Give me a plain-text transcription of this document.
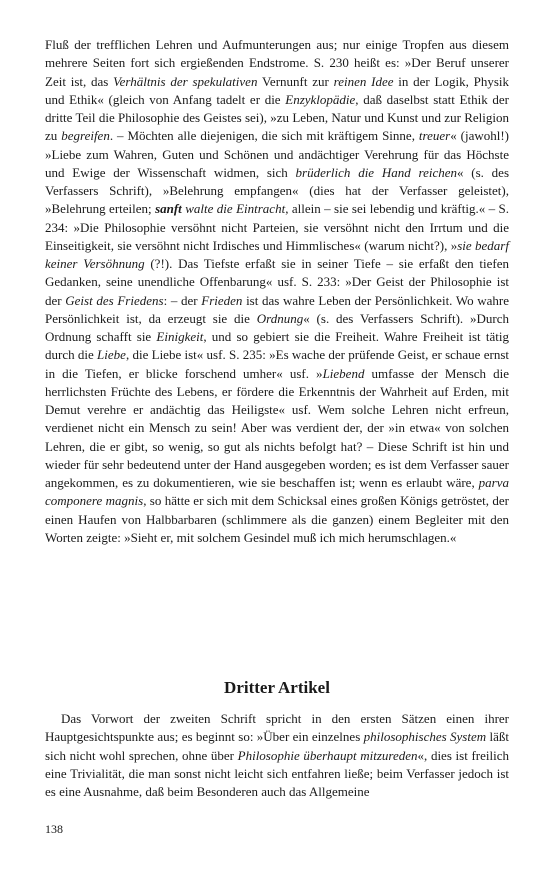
Fluß der trefflichen Lehren und Aufmunterungen aus; nur einige Tropfen aus diesem mehrere Seiten fort sich ergießenden Endstrome. S. 230 heißt es: »Der Beruf unserer Zeit ist, das Verhältnis der spekulativen Vernunft zur reinen Idee in der Logik, Physik und Ethik« (gleich von Anfang tadelt er die Enzyklopädie, daß daselbst statt Ethik der dritte Teil die Philosophie des Geistes sei), »zu Leben, Natur und Kunst und zur Religion zu begreifen. – Möchten alle diejenigen, die sich mit kräftigem Sinne, treuer« (jawohl!) »Liebe zum Wahren, Guten und Schönen und andächtiger Verehrung für das Höchste und Ewige der Wissenschaft widmen, sich brüderlich die Hand reichen« (s. des Verfassers Schrift), »Belehrung empfangen« (dies hat der Verfasser geleistet), »Belehrung erteilen; sanft walte die Eintracht, allein – sie sei lebendig und kräftig.« – S. 234: »Die Philosophie versöhnt nicht Parteien, sie versöhnt nicht den Irrtum und die Einseitigkeit, sie versöhnt nicht Irdisches und Himmlisches« (warum nicht?), »sie bedarf keiner Versöhnung (?!). Das Tiefste erfaßt sie in seiner Tiefe – sie erfaßt den tiefen Gedanken, seine unendliche Offenbarung« usf. S. 233: »Der Geist der Philosophie ist der Geist des Friedens: – der Frieden ist das wahre Leben der Persönlichkeit. Wo wahre Persönlichkeit ist, da erzeugt sie die Ordnung« (s. des Verfassers Schrift). »Durch Ordnung schafft sie Einigkeit, und so gebiert sie die Freiheit. Wahre Freiheit ist tätig durch die Liebe, die Liebe ist« usf. S. 235: »Es wache der prüfende Geist, er schaue ernst in die Tiefen, er blicke forschend umher« usf. »Liebend umfasse der Mensch die herrlichsten Früchte des Lebens, er fördere die Erkenntnis der Wahrheit auf Erden, mit Demut verehre er andächtig das Heiligste« usf. Wem solche Lehren nicht erfreun, verdienet nicht ein Mensch zu sein! Aber was verdient der, der »in etwa« von solchen Lehren, die er gibt, so wenig, so gut als nichts befolgt hat? – Diese Schrift ist hin und wieder für sehr bedeutend unter der Hand ausgegeben worden; es ist dem Verfasser sauer angekommen, es zu dokumentieren, wie sie beschaffen ist; wenn es erlaubt wäre, parva componere magnis, so hätte er sich mit dem Schicksal eines großen Königs getröstet, der einen Haufen von Halbbarbaren (schlimmere als die ganzen) einem Begleiter mit den Worten zeigte: »Sieht er, mit solchem Gesindel muß ich mich herumschlagen.«

Dritter Artikel

Das Vorwort der zweiten Schrift spricht in den ersten Sätzen einen ihrer Hauptgesichtspunkte aus; es beginnt so: »Über ein einzelnes philosophisches System läßt sich nicht wohl sprechen, ohne über Philosophie überhaupt mitzureden«, dies ist freilich eine Trivialität, die man sonst nicht leicht sich entfahren ließe; beim Verfasser jedoch ist es eine Ausnahme, daß beim Besonderen auch das Allgemeine

138
